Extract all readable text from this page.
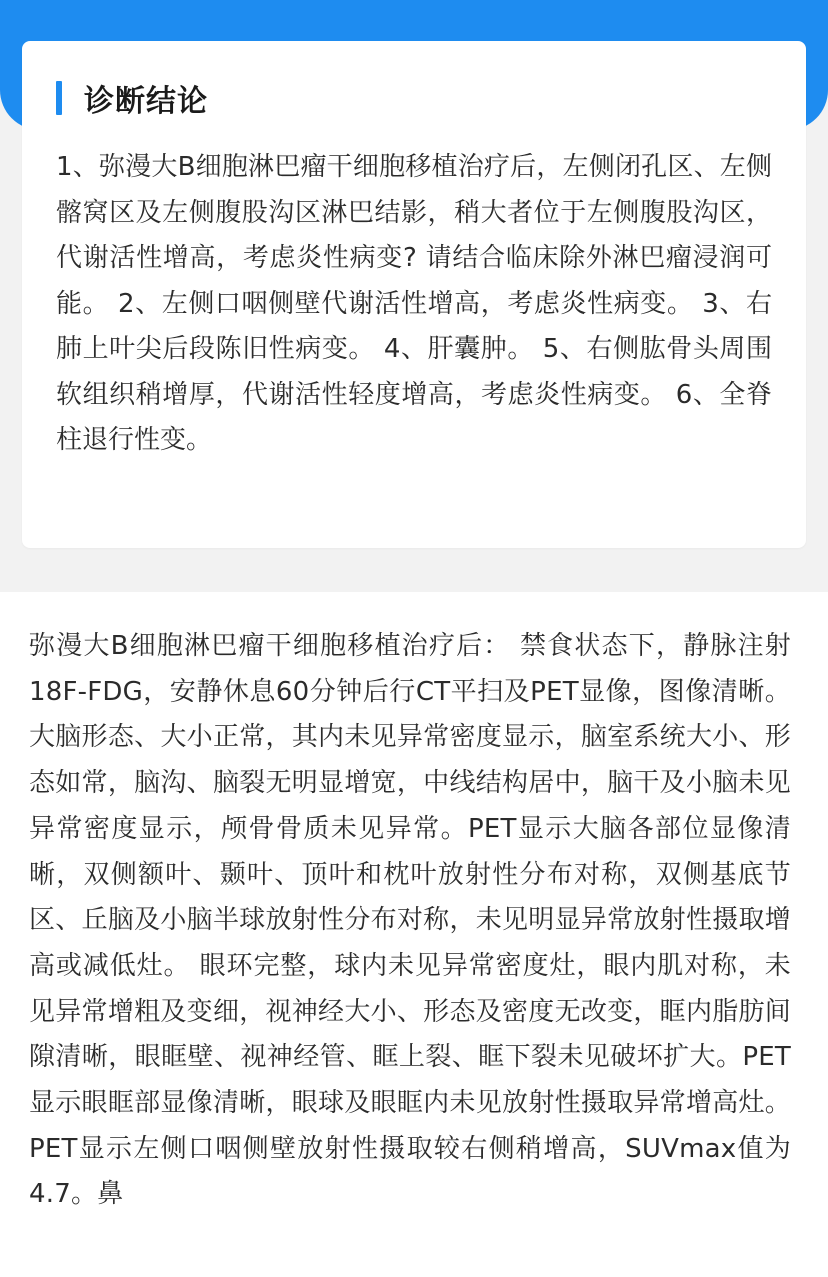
诊断结论
1、弥漫大B细胞淋巴瘤干细胞移植治疗后，左侧闭孔区、左侧髂窝区及左侧腹股沟区淋巴结影，稍大者位于左侧腹股沟区，代谢活性增高，考虑炎性病变? 请结合临床除外淋巴瘤浸润可能。 2、左侧口咽侧壁代谢活性增高，考虑炎性病变。 3、右肺上叶尖后段陈旧性病变。 4、肝囊肿。 5、右侧肱骨头周围软组织稍增厚，代谢活性轻度增高，考虑炎性病变。 6、全脊柱退行性变。
弥漫大B细胞淋巴瘤干细胞移植治疗后： 禁食状态下，静脉注射18F-FDG，安静休息60分钟后行CT平扫及PET显像，图像清晰。 大脑形态、大小正常，其内未见异常密度显示，脑室系统大小、形态如常，脑沟、脑裂无明显增宽，中线结构居中，脑干及小脑未见异常密度显示，颅骨骨质未见异常。PET显示大脑各部位显像清晰，双侧额叶、颞叶、顶叶和枕叶放射性分布对称，双侧基底节区、丘脑及小脑半球放射性分布对称，未见明显异常放射性摄取增高或减低灶。 眼环完整，球内未见异常密度灶，眼内肌对称，未见异常增粗及变细，视神经大小、形态及密度无改变，眶内脂肪间隙清晰，眼眶壁、视神经管、眶上裂、眶下裂未见破坏扩大。PET显示眼眶部显像清晰，眼球及眼眶内未见放射性摄取异常增高灶。 PET显示左侧口咽侧壁放射性摄取较右侧稍增高，SUVmax值为4.7。鼻
